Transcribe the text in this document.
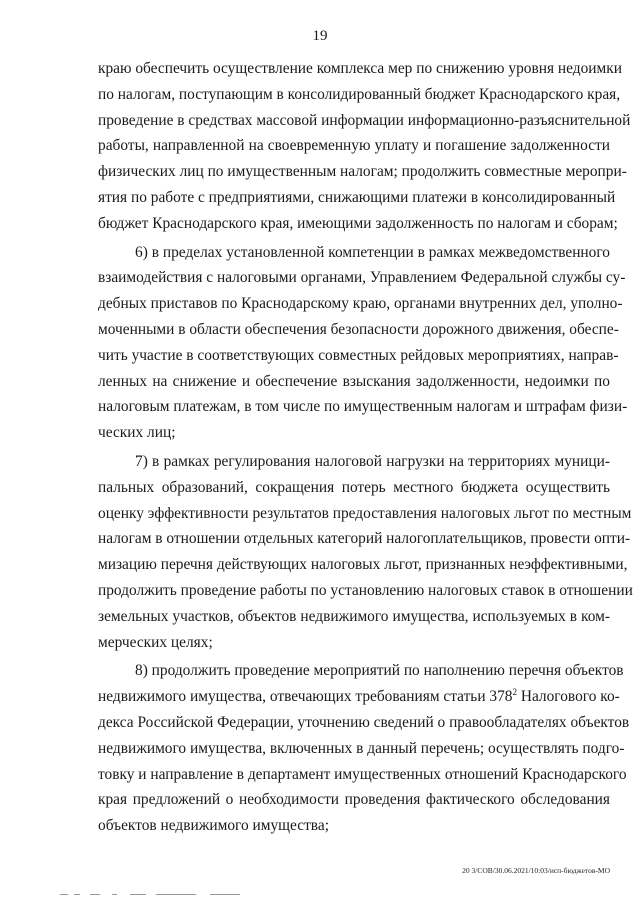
19

краю обеспечить осуществление комплекса мер по снижению уровня недоимки
по налогам, поступающим в консолидированный бюджет Краснодарского края,
проведение в средствах массовой информации информационно-разъяснительной
работы, направленной на своевременную уплату и погашение задолженности
физических лиц по имущественным налогам; продолжить совместные меропри-
ятия по работе с предприятиями, снижающими платежи в консолидированный
бюджет Краснодарского края, имеющими задолженность по налогам и сборам;

6) в пределах установленной компетенции в рамках межведомственного
взаимодействия с налоговыми органами, Управлением Федеральной службы су-
дебных приставов по Краснодарскому краю, органами внутренних дел, уполно-
моченными в области обеспечения безопасности дорожного движения, обеспе-
чить участие в соответствующих совместных рейдовых мероприятиях, направ-
ленных на снижение и обеспечение взыскания задолженности, недоимки по
налоговым платежам, в том числе по имущественным налогам и штрафам физи-
ческих лиц;

7) в рамках регулирования налоговой нагрузки на территориях муници-
пальных образований, сокращения потерь местного бюджета осуществить
оценку эффективности результатов предоставления налоговых льгот по местным
налогам в отношении отдельных категорий налогоплательщиков, провести опти-
мизацию перечня действующих налоговых льгот, признанных неэффективными,
продолжить проведение работы по установлению налоговых ставок в отношении
земельных участков, объектов недвижимого имущества, используемых в ком-
мерческих целях;

8) продолжить проведение мероприятий по наполнению перечня объектов
недвижимого имущества, отвечающих требованиям статьи $378^2$ Налогового ко-
декса Российской Федерации, уточнению сведений о правообладателях объектов
недвижимого имущества, включенных в данный перечень; осуществлять подго-
товку и направление в департамент имущественных отношений Краснодарского
края предложений о необходимости проведения фактического обследования
объектов недвижимого имущества;

20 3/СОВ/30.06.2021/10:03/исп-бюджетов-МО
